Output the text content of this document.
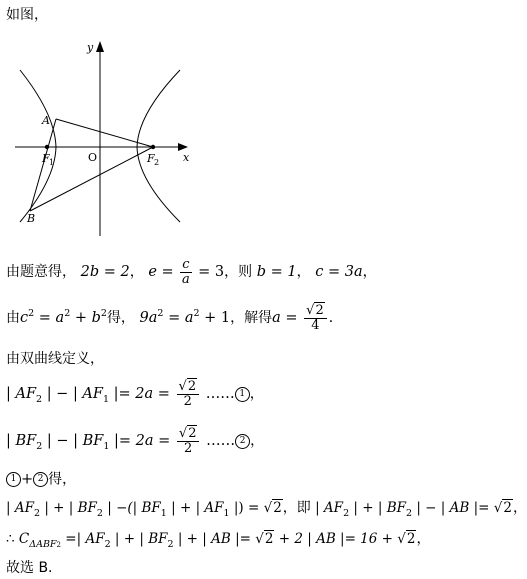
如图，
y
x
A
B
F 1	F 2
O
由题意得， 2b = 2， $e = \frac{c}{a} = 3$，则 b = 1， c = 3a，
由$c^2 = a^2 + b^2$得， $9a^2 = a^2 + 1$，解得$a = \frac{√2}{4}$ ．
由双曲线定义，
| $AF_2$ | − | $AF_1$ |= $2a = \frac{√2}{2}$ …… 1 ，
| $BF_2$ | − | $BF_1$ |= $2a = \frac{√2}{2}$ …… 2 ，
1 + 2 得，
| $AF_2$ | + | $BF_2$ | −(| $BF_1$ | + | $AF_1$ |) = √2，即 | $AF_2$ | + | $BF_2$ | − | AB |= √2，
∴ $C_{\Delta ABF2}$ =| $AF_2$ | + | $BF_2$ | + | AB |= √2 + 2 | AB |= 16 + √2，
故选 B.
